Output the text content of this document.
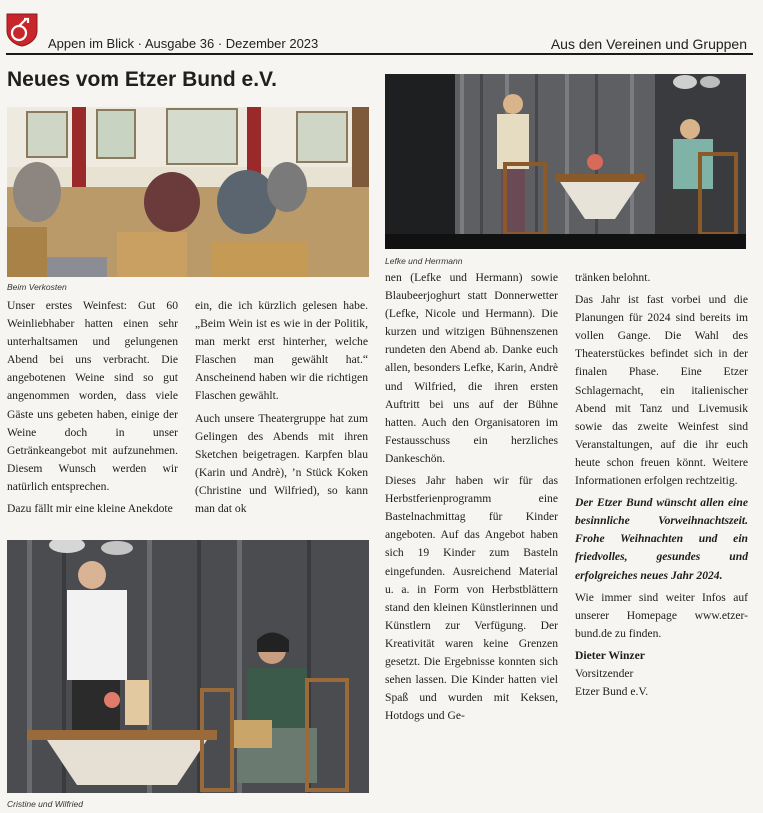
Appen im Blick · Ausgabe 36 · Dezember 2023	Aus den Vereinen und Gruppen
Neues vom Etzer Bund e.V.
Beim Verkosten
Lefke und Herrmann
Cristine und Wilfried

Unser erstes Weinfest: Gut 60 Weinliebhaber hatten einen sehr unterhaltsamen und gelungenen Abend bei uns verbracht. Die angebotenen Weine sind so gut angenommen worden, dass viele Gäste uns gebeten haben, einige der Weine doch in unser Getränkeangebot mit aufzunehmen. Diesem Wunsch werden wir natürlich entsprechen.

Dazu fällt mir eine kleine Anekdote

ein, die ich kürzlich gelesen habe. „Beim Wein ist es wie in der Politik, man merkt erst hinterher, welche Flaschen man gewählt hat.“ Anscheinend haben wir die richtigen Flaschen gewählt.

Auch unsere Theatergruppe hat zum Gelingen des Abends mit ihren Sketchen beigetragen. Karpfen blau (Karin und Andrè), ’n Stück Koken (Christine und Wilfried), so kann man dat ok

nen (Lefke und Hermann) sowie Blaubeerjoghurt statt Donnerwetter (Lefke, Nicole und Hermann). Die kurzen und witzigen Bühnenszenen rundeten den Abend ab. Danke euch allen, besonders Lefke, Karin, Andrè und Wilfried, die ihren ersten Auftritt bei uns auf der Bühne hatten. Auch den Organisatoren im Festausschuss ein herzliches Dankeschön.

Dieses Jahr haben wir für das Herbstferienprogramm eine Bastelnachmittag für Kinder angeboten. Auf das Angebot haben sich 19 Kinder zum Basteln eingefunden. Ausreichend Material u. a. in Form von Herbstblättern stand den kleinen Künstlerinnen und Künstlern zur Verfügung. Der Kreativität waren keine Grenzen gesetzt. Die Ergebnisse konnten sich sehen lassen. Die Kinder hatten viel Spaß und wurden mit Keksen, Hotdogs und Ge-

tränken belohnt.

Das Jahr ist fast vorbei und die Planungen für 2024 sind bereits im vollen Gange. Die Wahl des Theaterstückes befindet sich in der finalen Phase. Eine Etzer Schlagernacht, ein italienischer Abend mit Tanz und Livemusik sowie das zweite Weinfest sind Veranstaltungen, auf die ihr euch heute schon freuen könnt. Weitere Informationen erfolgen rechtzeitig.

Der Etzer Bund wünscht allen eine besinnliche Vorweihnachtszeit. Frohe Weihnachten und ein friedvolles, gesundes und erfolgreiches neues Jahr 2024.

Wie immer sind weiter Infos auf unserer Homepage www.etzer-bund.de zu finden.

Dieter Winzer
Vorsitzender
Etzer Bund e.V.
